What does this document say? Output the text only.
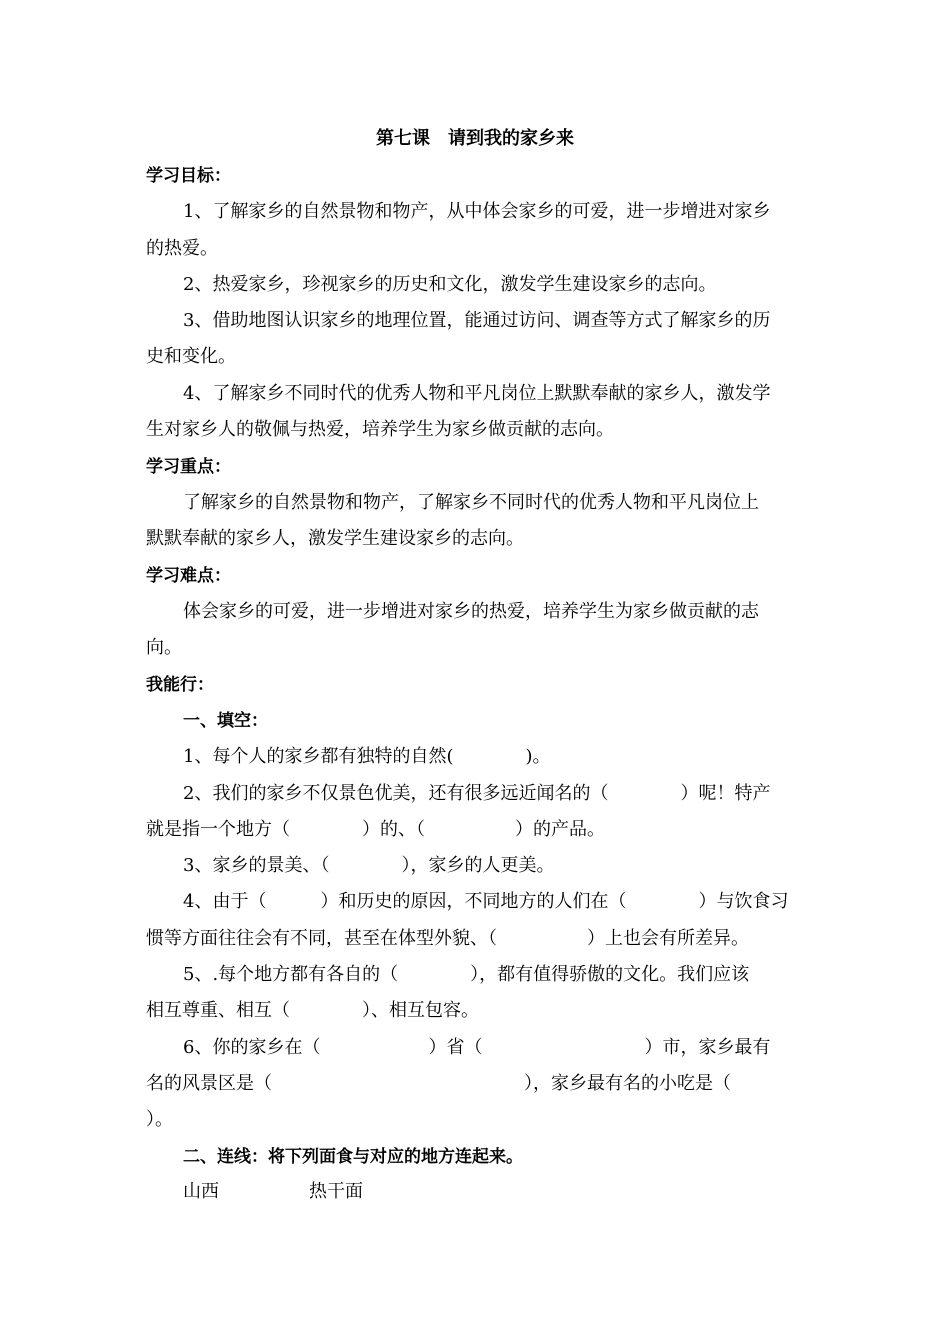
第七课　请到我的家乡来
学习目标：
1、了解家乡的自然景物和物产，从中体会家乡的可爱，进一步增进对家乡
的热爱。
2、热爱家乡，珍视家乡的历史和文化，激发学生建设家乡的志向。
3、借助地图认识家乡的地理位置，能通过访问、调查等方式了解家乡的历
史和变化。
4、了解家乡不同时代的优秀人物和平凡岗位上默默奉献的家乡人，激发学
生对家乡人的敬佩与热爱，培养学生为家乡做贡献的志向。
学习重点：
了解家乡的自然景物和物产，了解家乡不同时代的优秀人物和平凡岗位上
默默奉献的家乡人，激发学生建设家乡的志向。
学习难点：
体会家乡的可爱，进一步增进对家乡的热爱，培养学生为家乡做贡献的志
向。
我能行：
一、填空：
1、每个人的家乡都有独特的自然(　　　　)。
2、我们的家乡不仅景色优美，还有很多远近闻名的（　　　　）呢！特产
就是指一个地方（　　　　）的、（　　　　　）的产品。
3、家乡的景美、（　　　　），家乡的人更美。
4、由于（　　　）和历史的原因，不同地方的人们在（　　　　）与饮食习
惯等方面往往会有不同，甚至在体型外貌、（　　　　　）上也会有所差异。
5、.每个地方都有各自的（　　　　），都有值得骄傲的文化。我们应该
相互尊重、相互（　　　　）、相互包容。
6、你的家乡在（　　　　　　）省（　　　　　　　　　）市，家乡最有
名的风景区是（　　　　　　　　　　　　　　），家乡最有名的小吃是（
）。
二、连线：将下列面食与对应的地方连起来。
山西	热干面
